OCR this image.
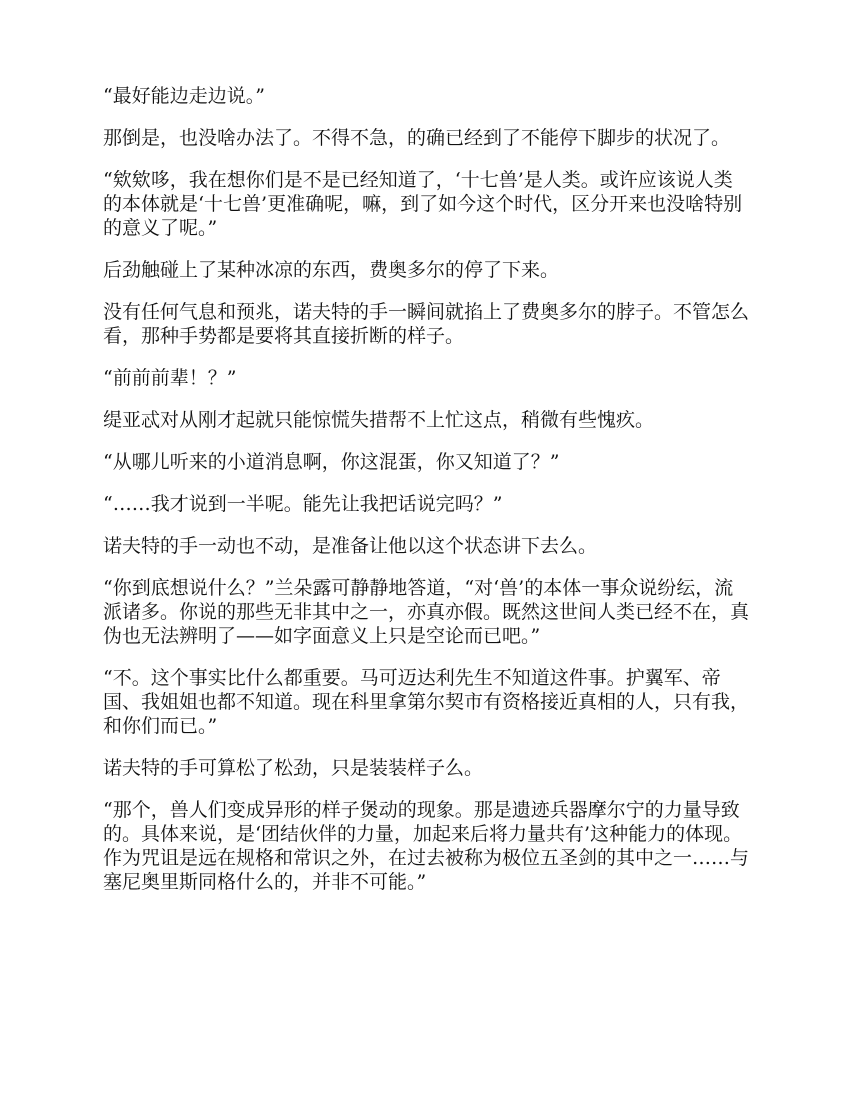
“最好能边走边说。”

那倒是，也没啥办法了。不得不急，的确已经到了不能停下脚步的状况了。

“欸欸哆，我在想你们是不是已经知道了，‘十七兽’是人类。或许应该说人类的本体就是‘十七兽’更准确呢，嘛，到了如今这个时代，区分开来也没啥特别的意义了呢。”

后劲触碰上了某种冰凉的东西，费奥多尔的停了下来。

没有任何气息和预兆，诺夫特的手一瞬间就掐上了费奥多尔的脖子。不管怎么看，那种手势都是要将其直接折断的样子。

“前前前辈！？”

缇亚忒对从刚才起就只能惊慌失措帮不上忙这点，稍微有些愧疚。

“从哪儿听来的小道消息啊，你这混蛋，你又知道了？”

“……我才说到一半呢。能先让我把话说完吗？”

诺夫特的手一动也不动，是准备让他以这个状态讲下去么。

“你到底想说什么？”兰朵露可静静地答道，“对‘兽’的本体一事众说纷纭，流派诸多。你说的那些无非其中之一，亦真亦假。既然这世间人类已经不在，真伪也无法辨明了——如字面意义上只是空论而已吧。”

“不。这个事实比什么都重要。马可迈达利先生不知道这件事。护翼军、帝国、我姐姐也都不知道。现在科里拿第尔契市有资格接近真相的人，只有我，和你们而已。”

诺夫特的手可算松了松劲，只是装装样子么。

“那个，兽人们变成异形的样子煲动的现象。那是遗迹兵器摩尔宁的力量导致的。具体来说，是‘团结伙伴的力量，加起来后将力量共有’这种能力的体现。作为咒诅是远在规格和常识之外，在过去被称为极位五圣剑的其中之一……与塞尼奥里斯同格什么的，并非不可能。”
